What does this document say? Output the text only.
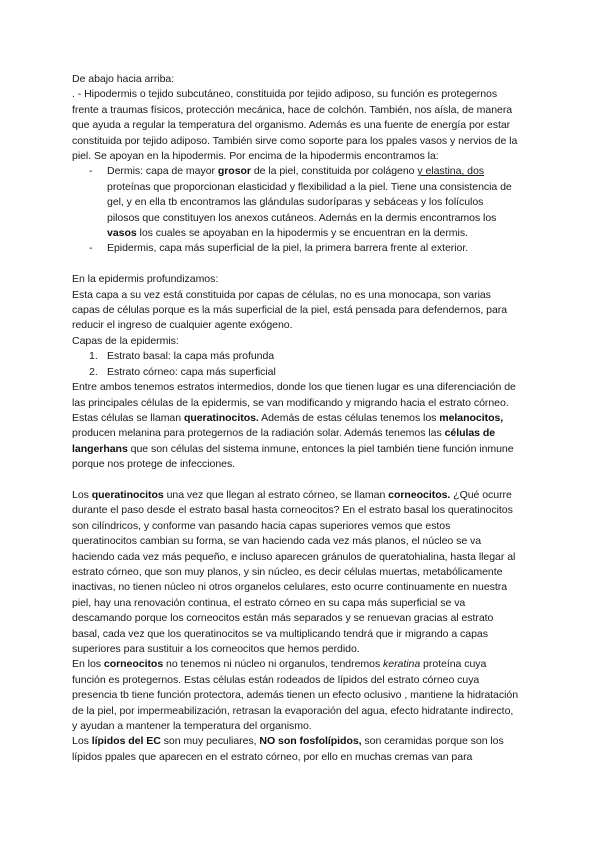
De abajo hacia arriba:

. - Hipodermis o tejido subcutáneo, constituida por tejido adiposo, su función es protegernos frente a traumas físicos, protección mecánica, hace de colchón. También, nos aísla, de manera que ayuda a regular la temperatura del organismo. Además es una fuente de energía por estar constituida por tejido adiposo. También sirve como soporte para los ppales vasos y nervios de la piel. Se apoyan en la hipodermis. Por encima de la hipodermis encontramos la:

- Dermis: capa de mayor grosor de la piel, constituida por colágeno y elastina, dos proteínas que proporcionan elasticidad y flexibilidad a la piel. Tiene una consistencia de gel, y en ella tb encontramos las glándulas sudoríparas y sebáceas y los folículos pilosos que constituyen los anexos cutáneos. Además en la dermis encontramos los vasos los cuales se apoyaban en la hipodermis y se encuentran en la dermis.

- Epidermis, capa más superficial de la piel, la primera barrera frente al exterior.

En la epidermis profundizamos:

Esta capa a su vez está constituida por capas de células, no es una monocapa, son varias capas de células porque es la más superficial de la piel, está pensada para defendernos, para reducir el ingreso de cualquier agente exógeno.

Capas de la epidermis:

1. Estrato basal: la capa más profunda

2. Estrato córneo: capa más superficial

Entre ambos tenemos estratos intermedios, donde los que tienen lugar es una diferenciación de las principales células de la epidermis, se van modificando y migrando hacia el estrato córneo. Estas células se llaman queratinocitos. Además de estas células tenemos los melanocitos, producen melanina para protegernos de la radiación solar. Además tenemos las células de langerhans que son células del sistema inmune, entonces la piel también tiene función inmune porque nos protege de infecciones.

Los queratinocitos una vez que llegan al estrato córneo, se llaman corneocitos. ¿Qué ocurre durante el paso desde el estrato basal hasta corneocitos? En el estrato basal los queratinocitos son cilíndricos, y conforme van pasando hacia capas superiores vemos que estos queratinocitos cambian su forma, se van haciendo cada vez más planos, el núcleo se va haciendo cada vez más pequeño, e incluso aparecen gránulos de queratohialina, hasta llegar al estrato córneo, que son muy planos, y sin núcleo, es decir células muertas, metabólicamente inactivas, no tienen núcleo ni otros organelos celulares, esto ocurre continuamente en nuestra piel, hay una renovación continua, el estrato córneo en su capa más superficial se va descamando porque los corneocitos están más separados y se renuevan gracias al estrato basal, cada vez que los queratinocitos se va multiplicando tendrá que ir migrando a capas superiores para sustituir a los corneocitos que hemos perdido.

En los corneocitos no tenemos ni núcleo ni organulos, tendremos keratina proteína cuya función es protegernos. Estas células están rodeados de lípidos del estrato córneo cuya presencia tb tiene función protectora, además tienen un efecto oclusivo , mantiene la hidratación de la piel, por impermeabilización, retrasan la evaporación del agua, efecto hidratante indirecto, y ayudan a mantener la temperatura del organismo.

Los lípidos del EC son muy peculiares, NO son fosfolípidos, son ceramidas porque son los lípidos ppales que aparecen en el estrato córneo, por ello en muchas cremas van para
